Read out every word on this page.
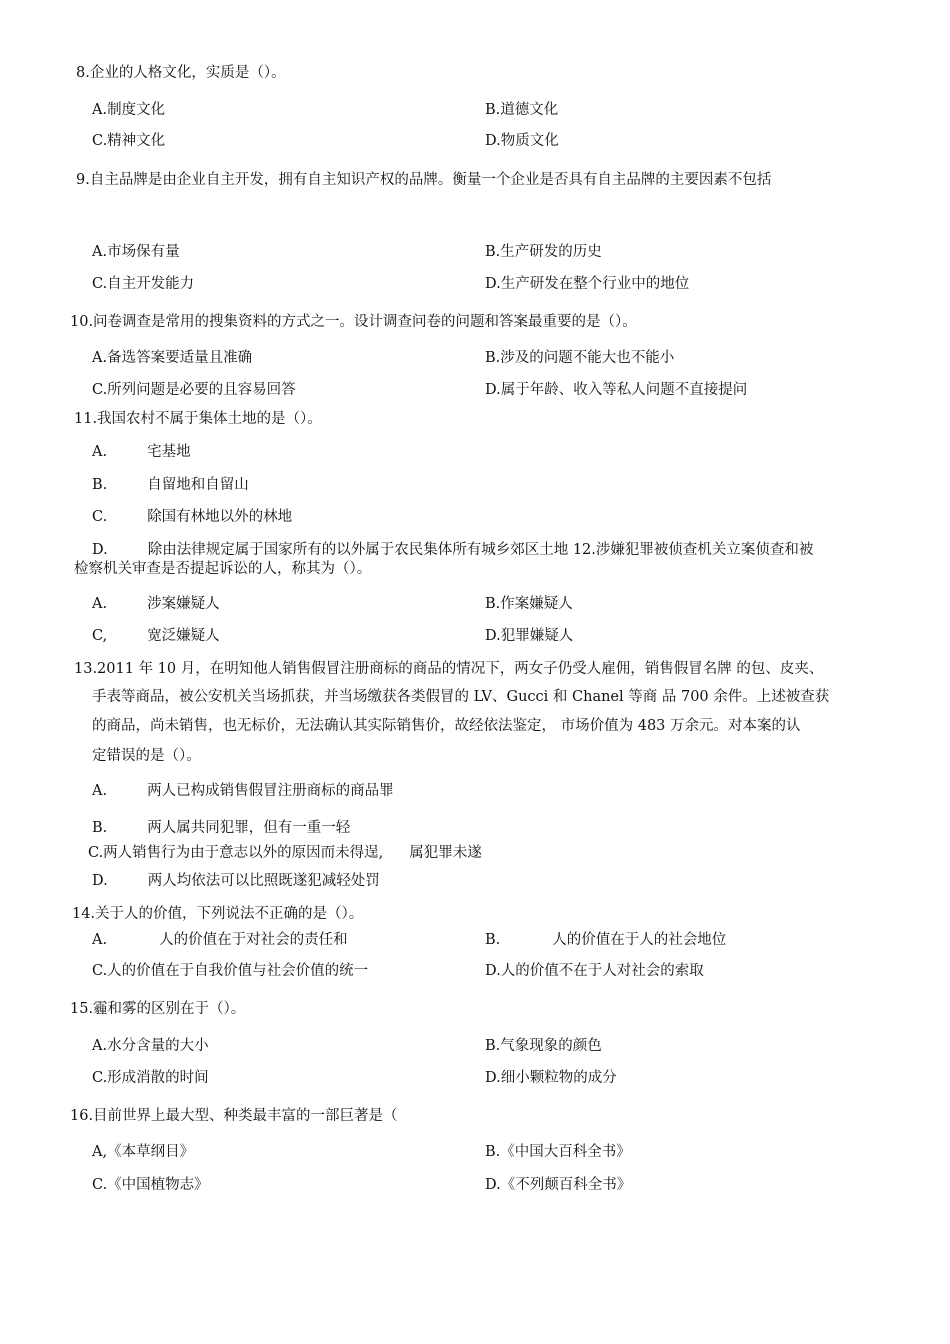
8.企业的人格文化，实质是（）。
A.制度文化	B.道德文化
C.精神文化	D.物质文化
9.自主品牌是由企业自主开发，拥有自主知识产权的品牌。衡量一个企业是否具有自主品牌的主要因素不包括
A.市场保有量	B.生产研发的历史
C.自主开发能力	D.生产研发在整个行业中的地位
10.问卷调查是常用的搜集资料的方式之一。设计调查问卷的问题和答案最重要的是（）。
A.备选答案要适量且准确	B.涉及的问题不能大也不能小
C.所列问题是必要的且容易回答	D.属于年龄、收入等私人问题不直接提问
11.我国农村不属于集体土地的是（）。
A.	宅基地
B.	自留地和自留山
C.	除国有林地以外的林地
D.	除由法律规定属于国家所有的以外属于农民集体所有城乡郊区土地 12.涉嫌犯罪被侦查机关立案侦查和被
检察机关审查是否提起诉讼的人，称其为（）。
A.	涉案嫌疑人	B.作案嫌疑人
C,	宽泛嫌疑人	D.犯罪嫌疑人
13.2011 年 10 月，在明知他人销售假冒注册商标的商品的情况下，两女子仍受人雇佣，销售假冒名牌 的包、皮夹、
手表等商品，被公安机关当场抓获，并当场缴获各类假冒的 LV、Gucci 和 Chanel 等商 品 700 余件。上述被查获
的商品，尚未销售，也无标价，无法确认其实际销售价，故经依法鉴定， 市场价值为 483 万余元。对本案的认
定错误的是（）。
A.	两人已构成销售假冒注册商标的商品罪
B.	两人属共同犯罪，但有一重一轻
C.两人销售行为由于意志以外的原因而未得逞, 属犯罪未遂
D.	两人均依法可以比照既遂犯减轻处罚
14.关于人的价值，下列说法不正确的是（）。
A.	人的价值在于对社会的责任和	B.	人的价值在于人的社会地位
C.人的价值在于自我价值与社会价值的统一	D.人的价值不在于人对社会的索取
15.霾和雾的区别在于（）。
A.水分含量的大小	B.气象现象的颜色
C.形成消散的时间	D.细小颗粒物的成分
16.目前世界上最大型、种类最丰富的一部巨著是（
A,《本草纲目》	B.《中国大百科全书》
C.《中国植物志》	D.《不列颠百科全书》
